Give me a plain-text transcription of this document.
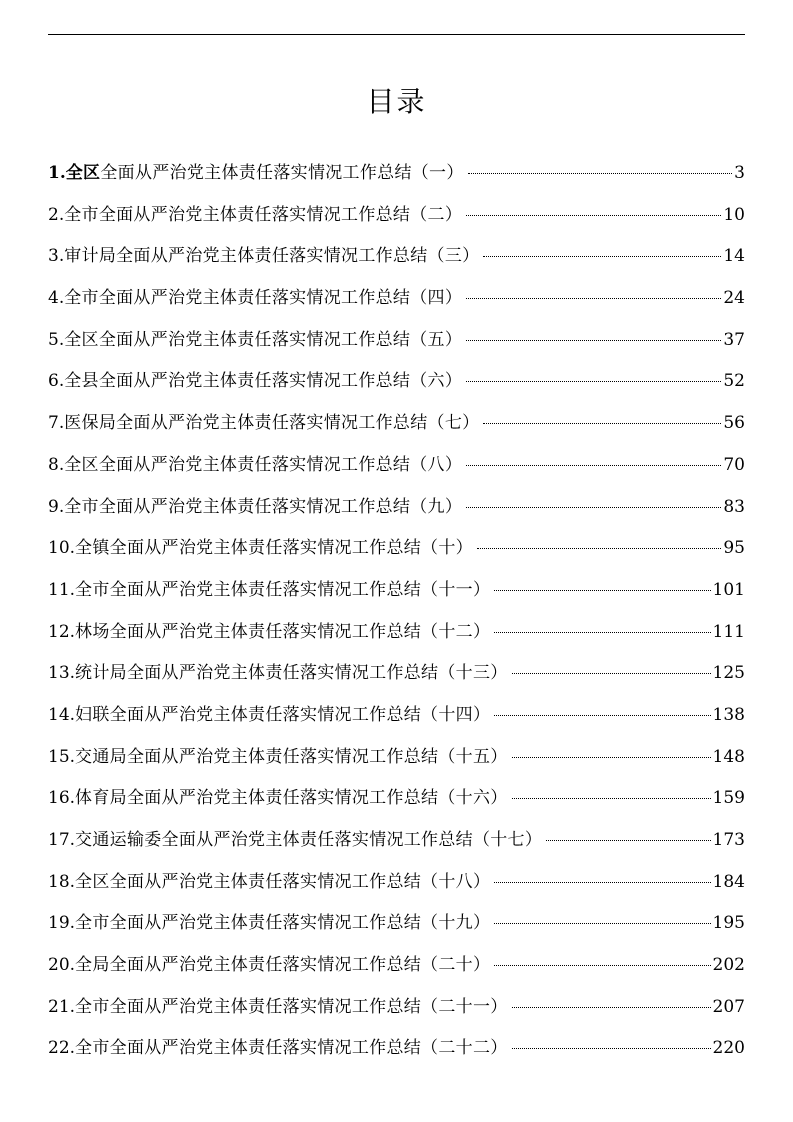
目录
1. 全区全面从严治党主体责任落实情况工作总结（一）	3
2. 全市全面从严治党主体责任落实情况工作总结（二）	10
3. 审计局全面从严治党主体责任落实情况工作总结（三）	14
4. 全市全面从严治党主体责任落实情况工作总结（四）	24
5. 全区全面从严治党主体责任落实情况工作总结（五）	37
6. 全县全面从严治党主体责任落实情况工作总结（六）	52
7. 医保局全面从严治党主体责任落实情况工作总结（七）	56
8. 全区全面从严治党主体责任落实情况工作总结（八）	70
9. 全市全面从严治党主体责任落实情况工作总结（九）	83
10. 全镇全面从严治党主体责任落实情况工作总结（十）	95
11. 全市全面从严治党主体责任落实情况工作总结（十一）	101
12. 林场全面从严治党主体责任落实情况工作总结（十二）	111
13. 统计局全面从严治党主体责任落实情况工作总结（十三）	125
14. 妇联全面从严治党主体责任落实情况工作总结（十四）	138
15. 交通局全面从严治党主体责任落实情况工作总结（十五）	148
16. 体育局全面从严治党主体责任落实情况工作总结（十六）	159
17. 交通运输委全面从严治党主体责任落实情况工作总结（十七）	173
18. 全区全面从严治党主体责任落实情况工作总结（十八）	184
19. 全市全面从严治党主体责任落实情况工作总结（十九）	195
20. 全局全面从严治党主体责任落实情况工作总结（二十）	202
21. 全市全面从严治党主体责任落实情况工作总结（二十一）	207
22. 全市全面从严治党主体责任落实情况工作总结（二十二）	220
